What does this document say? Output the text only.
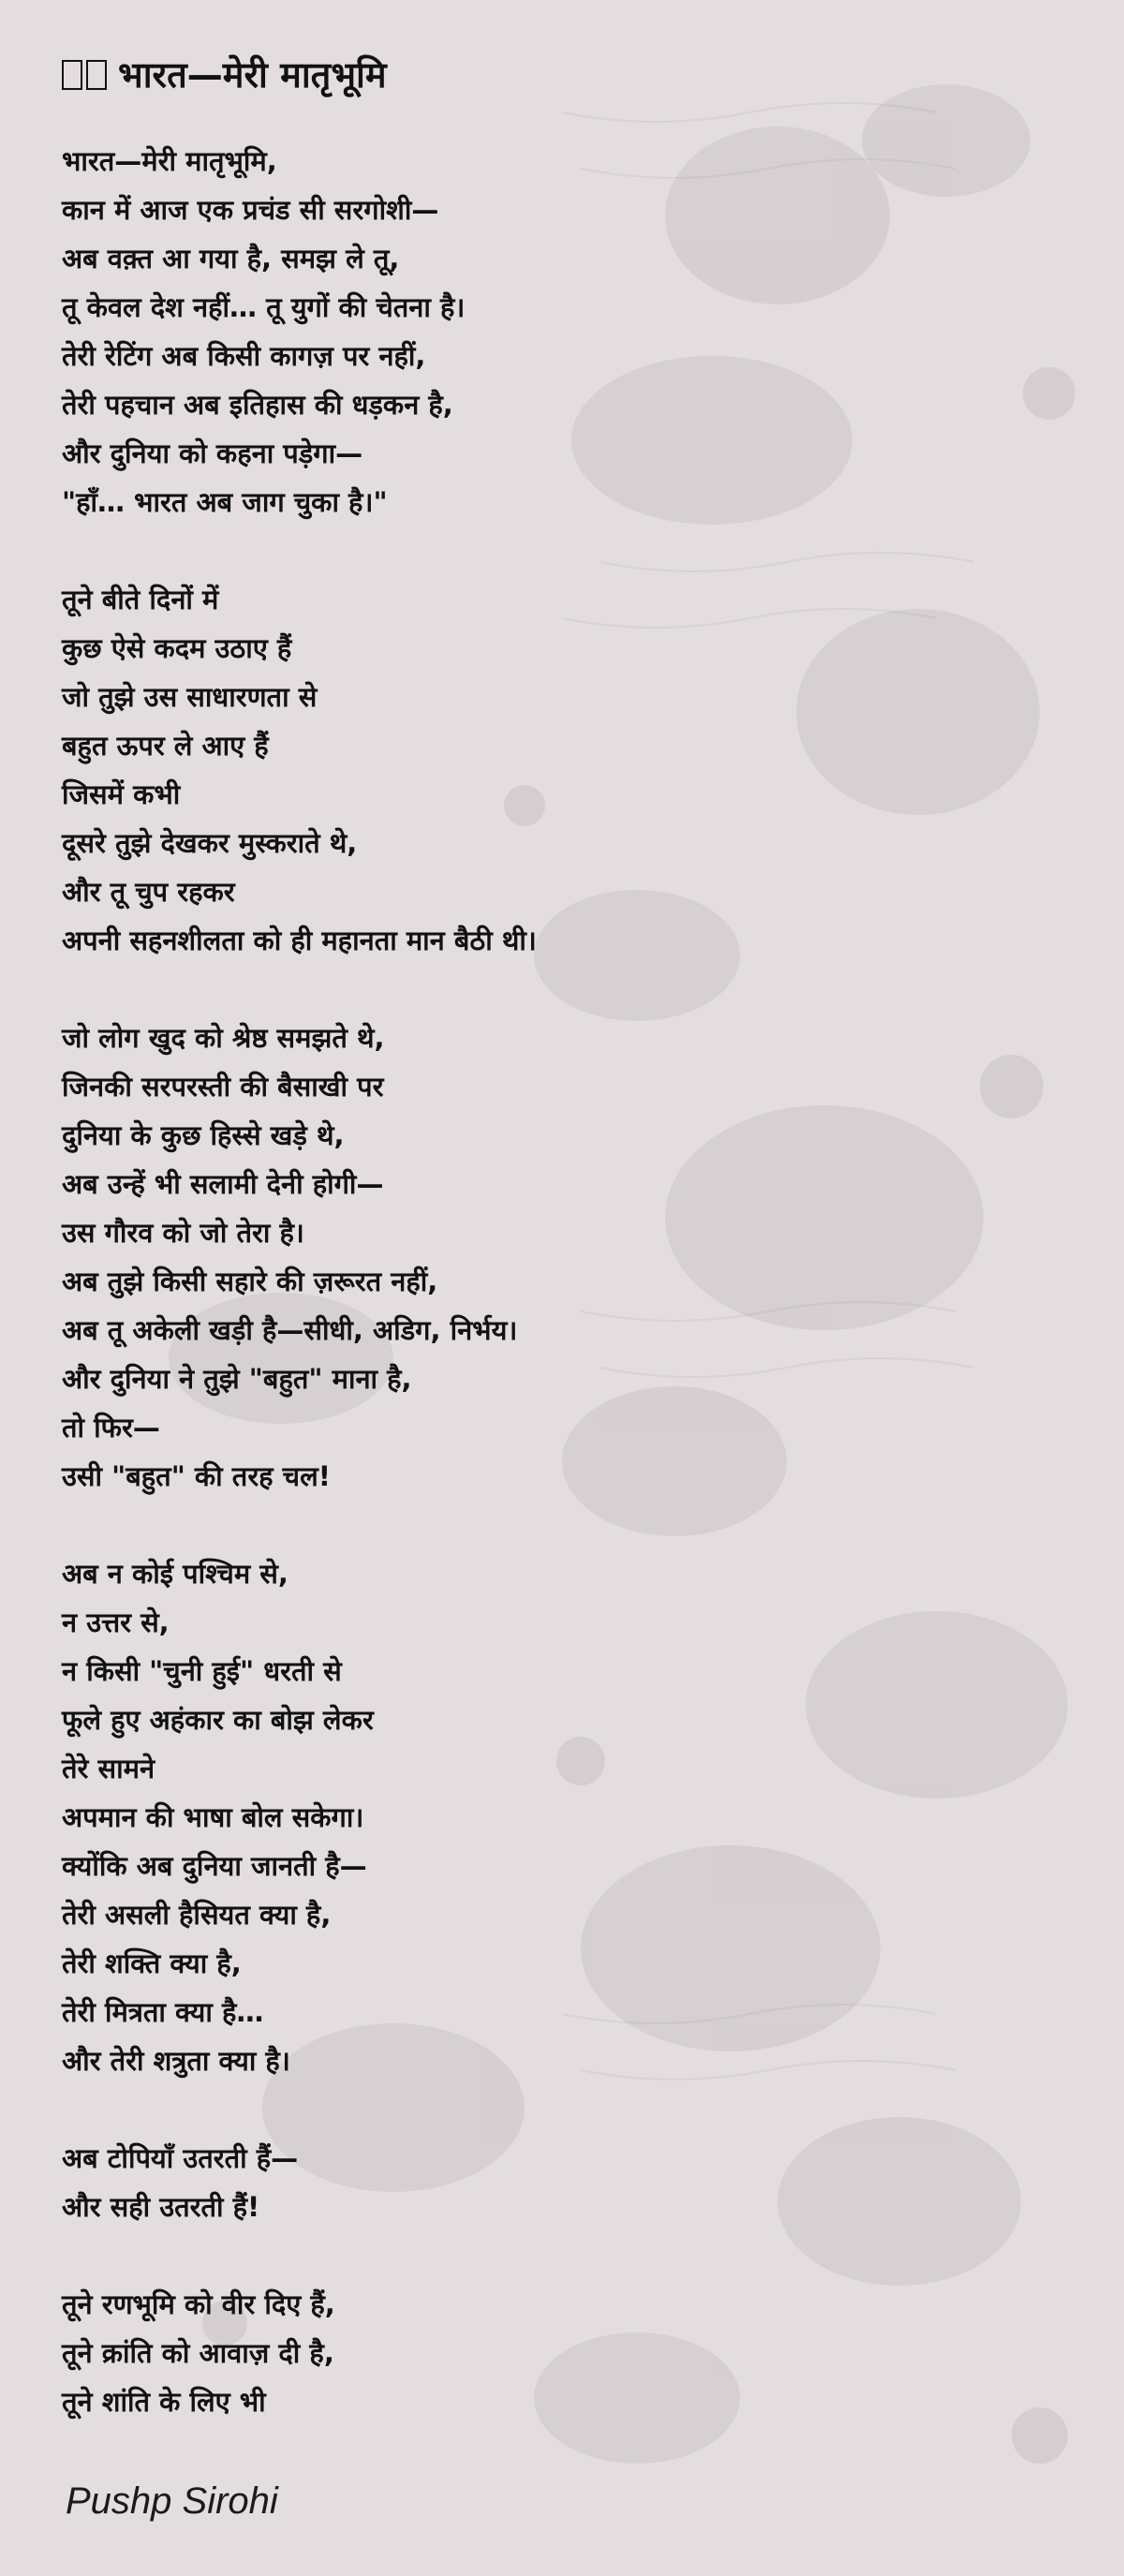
भारत—मेरी मातृभूमि
भारत—मेरी मातृभूमि,
कान में आज एक प्रचंड सी सरगोशी—
अब वक़्त आ गया है, समझ ले तू,
तू केवल देश नहीं… तू युगों की चेतना है।
तेरी रेटिंग अब किसी कागज़ पर नहीं,
तेरी पहचान अब इतिहास की धड़कन है,
और दुनिया को कहना पड़ेगा—
"हाँ… भारत अब जाग चुका है।"
तूने बीते दिनों में
कुछ ऐसे कदम उठाए हैं
जो तुझे उस साधारणता से
बहुत ऊपर ले आए हैं
जिसमें कभी
दूसरे तुझे देखकर मुस्कराते थे,
और तू चुप रहकर
अपनी सहनशीलता को ही महानता मान बैठी थी।
जो लोग खुद को श्रेष्ठ समझते थे,
जिनकी सरपरस्ती की बैसाखी पर
दुनिया के कुछ हिस्से खड़े थे,
अब उन्हें भी सलामी देनी होगी—
उस गौरव को जो तेरा है।
अब तुझे किसी सहारे की ज़रूरत नहीं,
अब तू अकेली खड़ी है—सीधी, अडिग, निर्भय।
और दुनिया ने तुझे "बहुत" माना है,
तो फिर—
उसी "बहुत" की तरह चल!
अब न कोई पश्चिम से,
न उत्तर से,
न किसी "चुनी हुई" धरती से
फूले हुए अहंकार का बोझ लेकर
तेरे सामने
अपमान की भाषा बोल सकेगा।
क्योंकि अब दुनिया जानती है—
तेरी असली हैसियत क्या है,
तेरी शक्ति क्या है,
तेरी मित्रता क्या है…
और तेरी शत्रुता क्या है।
अब टोपियाँ उतरती हैं—
और सही उतरती हैं!
तूने रणभूमि को वीर दिए हैं,
तूने क्रांति को आवाज़ दी है,
तूने शांति के लिए भी
Pushp Sirohi
